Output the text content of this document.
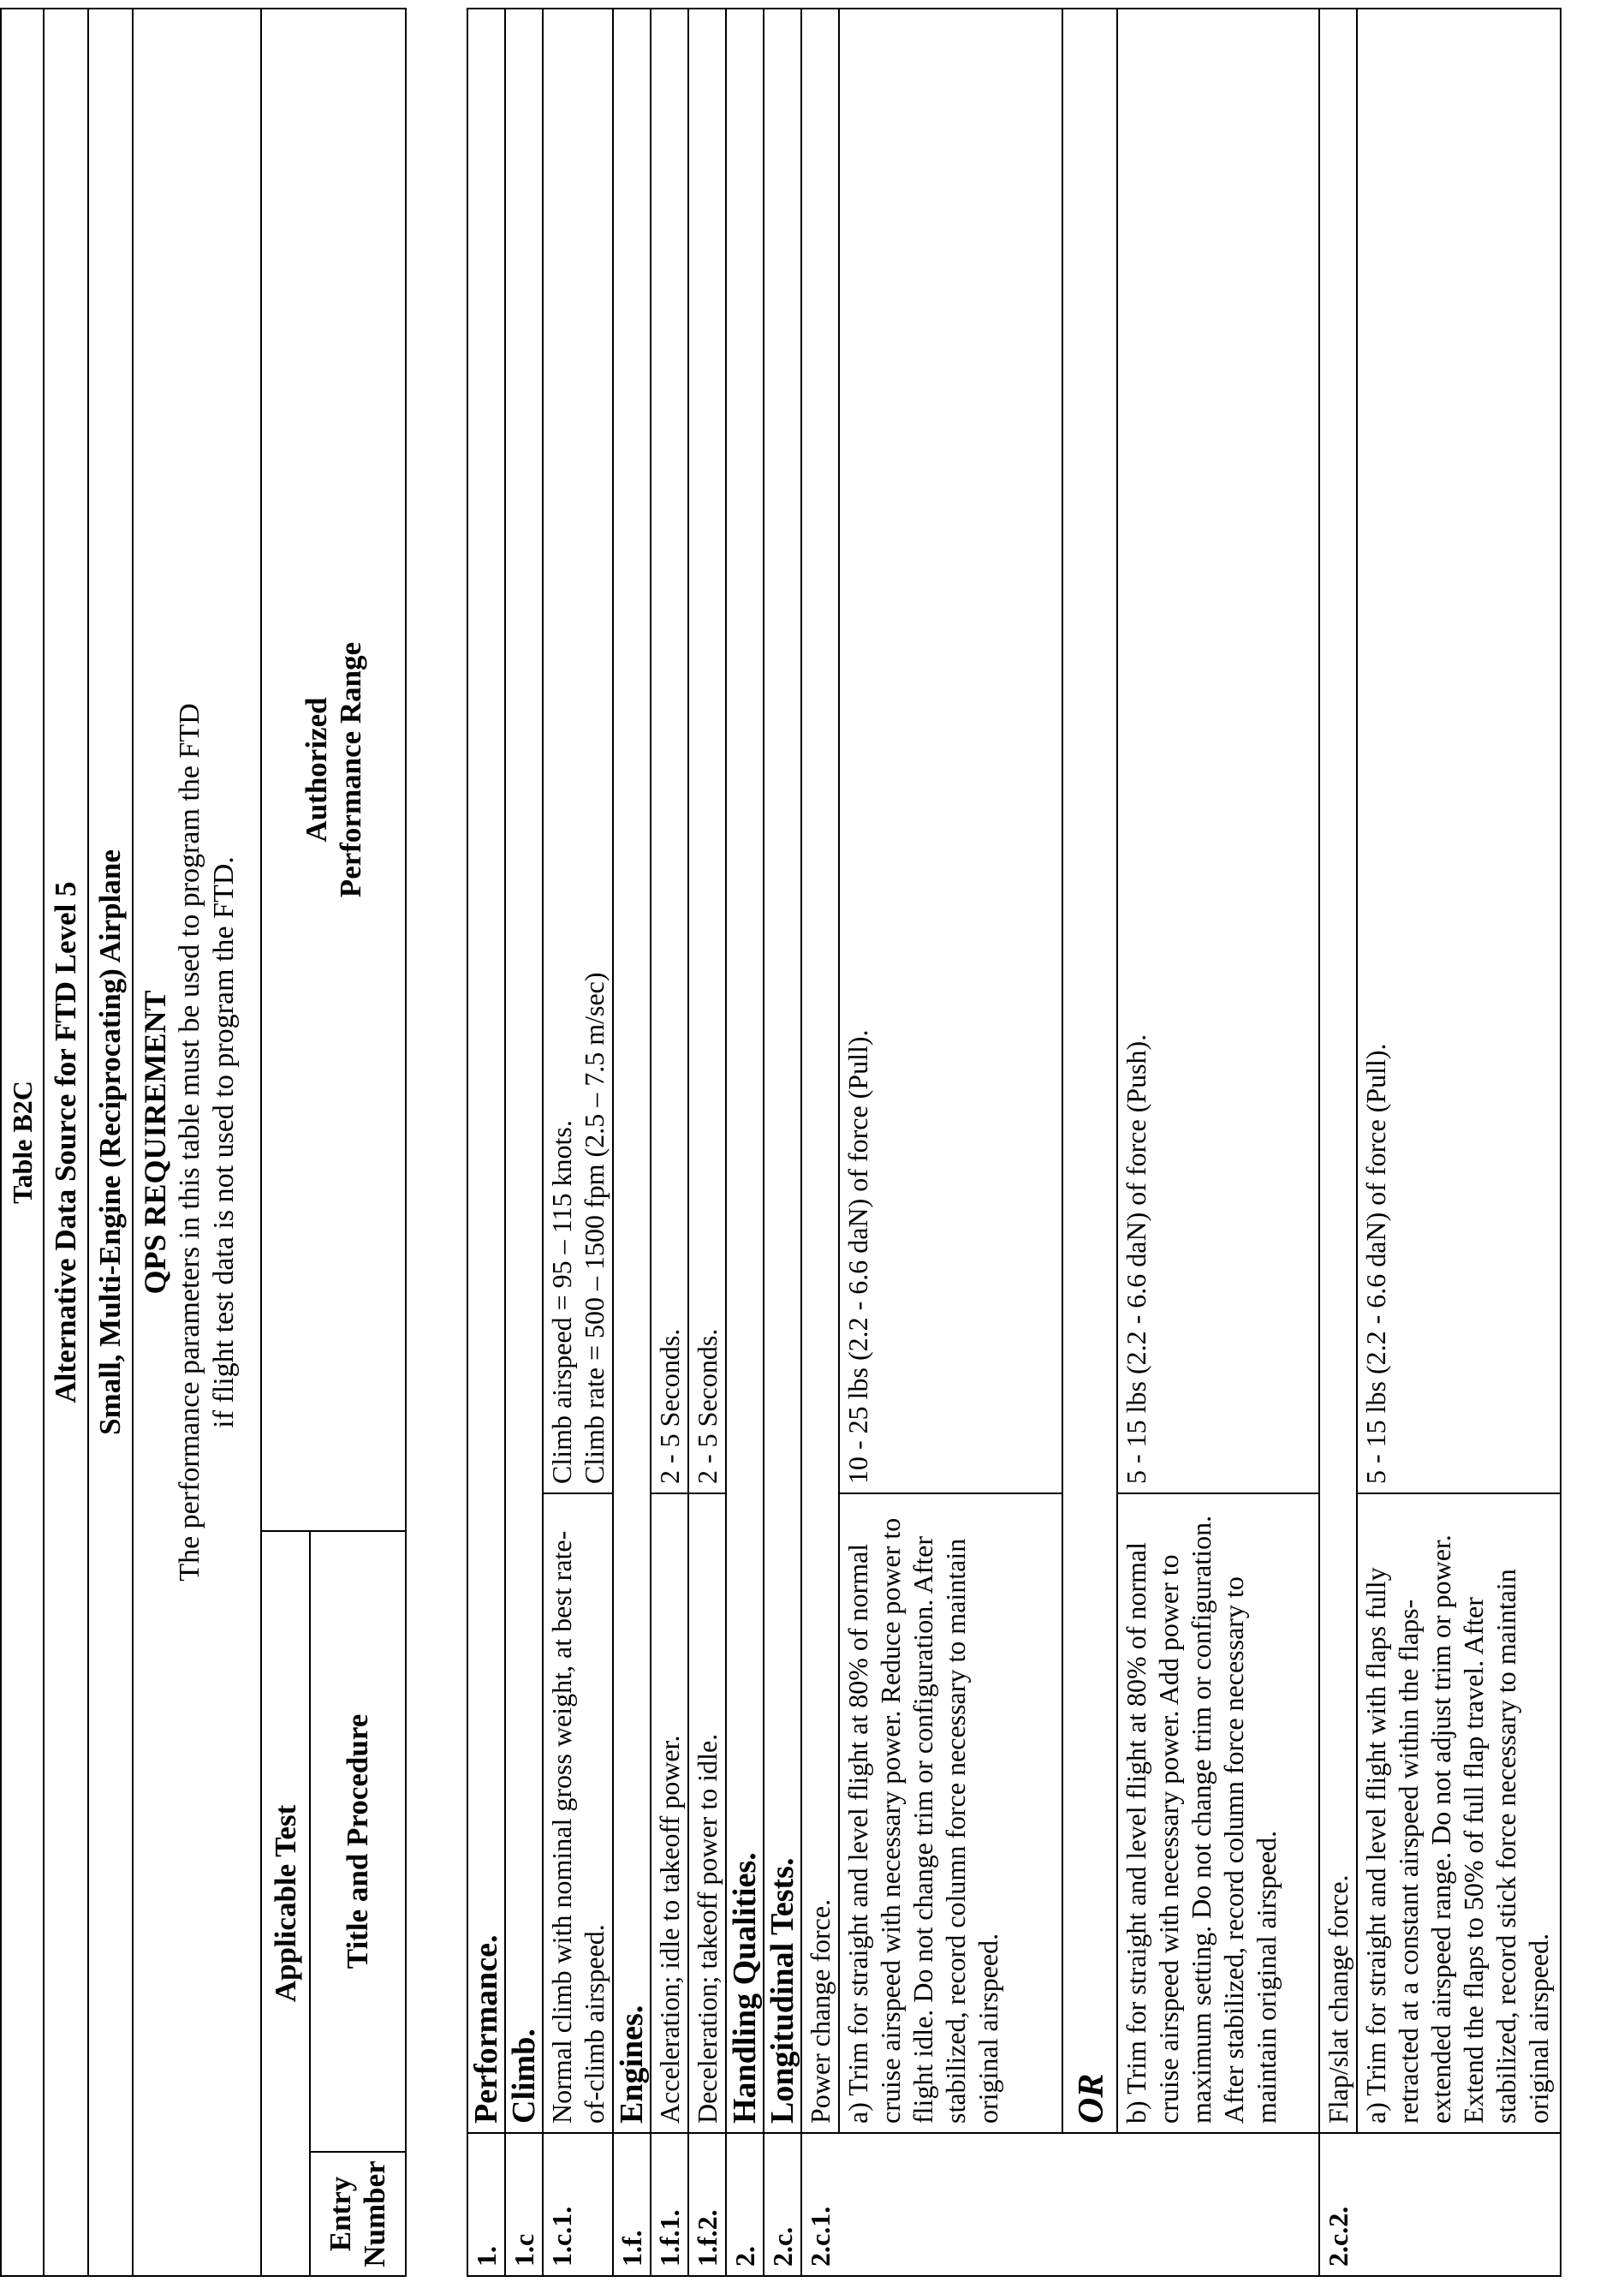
Table B2C		
Alternative Data Source for FTD Level 5		
Small, Multi-Engine (Reciprocating) Airplane		

QPS REQUIREMENT The performance parameters in this table must be used to program the FTD if flight test data is not used to program the FTD.		

Applicable Test		Authorized Performance Range

Entry Number	Title and Procedure	
1.	Performance.	
1.c	Climb.	
1.c.1.	Normal climb with nominal gross weight, at best rate-of-climb airspeed.	Climb airspeed = 95 – 115 knots. Climb rate = 500 – 1500 fpm (2.5 – 7.5 m/sec)

1.f.	Engines.	
1.f.1.	Acceleration; idle to takeoff power.	2 - 5 Seconds.
1.f.2.	Deceleration; takeoff power to idle.	2 - 5 Seconds.
2.	Handling Qualities.	
2.c.	Longitudinal Tests.	
2.c.1.	Power change force.	
	a) Trim for straight and level flight at 80% of normal cruise airspeed with necessary power. Reduce power to flight idle. Do not change trim or configuration. After stabilized, record column force necessary to maintain original airspeed.	10 - 25 lbs (2.2 - 6.6 daN) of force (Pull).
	OR	
	b) Trim for straight and level flight at 80% of normal cruise airspeed with necessary power. Add power to maximum setting. Do not change trim or configuration. After stabilized, record column force necessary to maintain original airspeed.	5 - 15 lbs (2.2 - 6.6 daN) of force (Push).
2.c.2.	Flap/slat change force.	
	a) Trim for straight and level flight with flaps fully retracted at a constant airspeed within the flaps-extended airspeed range. Do not adjust trim or power. Extend the flaps to 50% of full flap travel. After stabilized, record stick force necessary to maintain original airspeed.	5 - 15 lbs (2.2 - 6.6 daN) of force (Pull).
